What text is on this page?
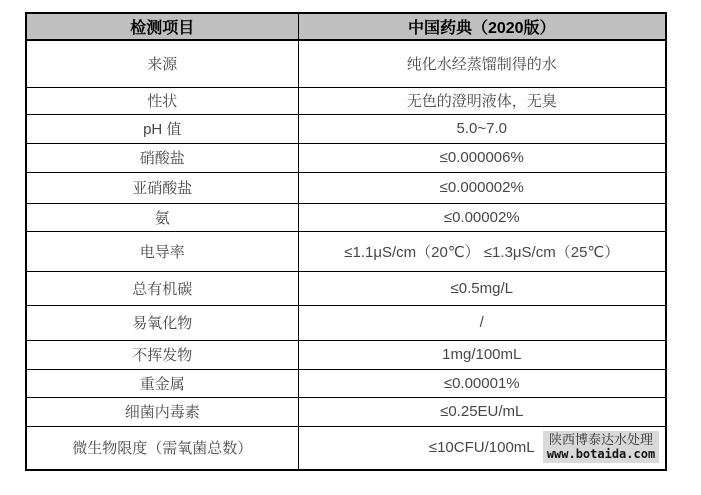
检测项目	中国药典（2020版）
来源	纯化水经蒸馏制得的水
性状	无色的澄明液体，无臭
pH 值	5.0~7.0
硝酸盐	≤0.000006%
亚硝酸盐	≤0.000002%
氨	≤0.00002%
电导率	≤1.1μS/cm（20℃） ≤1.3μS/cm（25℃）
总有机碳	≤0.5mg/L
易氧化物	/
不挥发物	1mg/100mL
重金属	≤0.00001%
细菌内毒素	≤0.25EU/mL
微生物限度（需氧菌总数）	≤10CFU/100mL
陕西博泰达水处理
www.botaida.com
